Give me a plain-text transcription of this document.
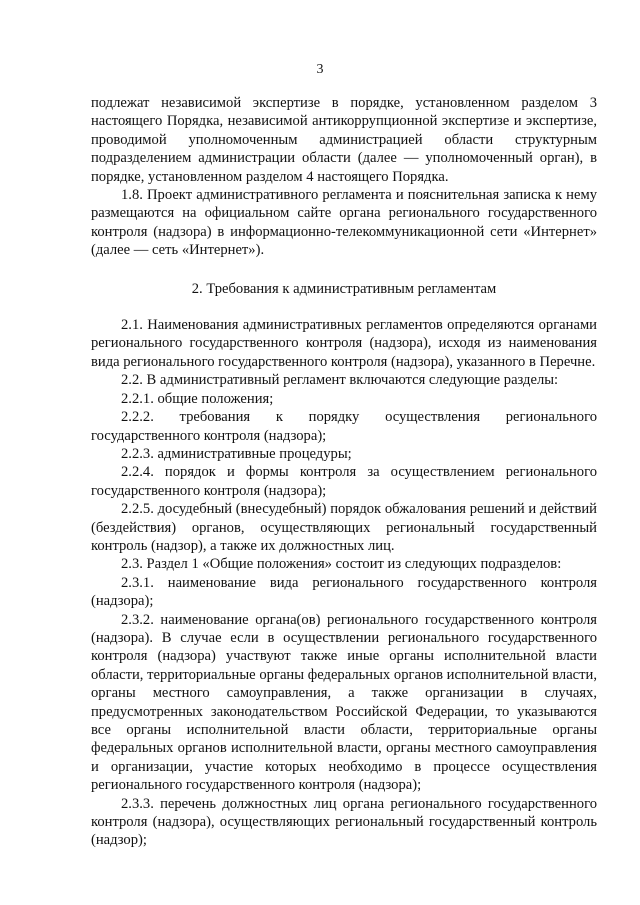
3

подлежат независимой экспертизе в порядке, установленном разделом 3 настоящего Порядка, независимой антикоррупционной экспертизе и экспертизе, проводимой уполномоченным администрацией области структурным подразделением администрации области (далее — уполномоченный орган), в порядке, установленном разделом 4 настоящего Порядка.

1.8. Проект административного регламента и пояснительная записка к нему размещаются на официальном сайте органа регионального государственного контроля (надзора) в информационно-телекоммуникационной сети «Интернет» (далее — сеть «Интернет»).

2. Требования к административным регламентам

2.1. Наименования административных регламентов определяются органами регионального государственного контроля (надзора), исходя из наименования вида регионального государственного контроля (надзора), указанного в Перечне.

2.2. В административный регламент включаются следующие разделы:

2.2.1. общие положения;

2.2.2. требования к порядку осуществления регионального государственного контроля (надзора);

2.2.3. административные процедуры;

2.2.4. порядок и формы контроля за осуществлением регионального государственного контроля (надзора);

2.2.5. досудебный (внесудебный) порядок обжалования решений и действий (бездействия) органов, осуществляющих региональный государственный контроль (надзор), а также их должностных лиц.

2.3. Раздел 1 «Общие положения» состоит из следующих подразделов:

2.3.1. наименование вида регионального государственного контроля (надзора);

2.3.2. наименование органа(ов) регионального государственного контроля (надзора). В случае если в осуществлении регионального государственного контроля (надзора) участвуют также иные органы исполнительной власти области, территориальные органы федеральных органов исполнительной власти, органы местного самоуправления, а также организации в случаях, предусмотренных законодательством Российской Федерации, то указываются все органы исполнительной власти области, территориальные органы федеральных органов исполнительной власти, органы местного самоуправления и организации, участие которых необходимо в процессе осуществления регионального государственного контроля (надзора);

2.3.3. перечень должностных лиц органа регионального государственного контроля (надзора), осуществляющих региональный государственный контроль (надзор);
